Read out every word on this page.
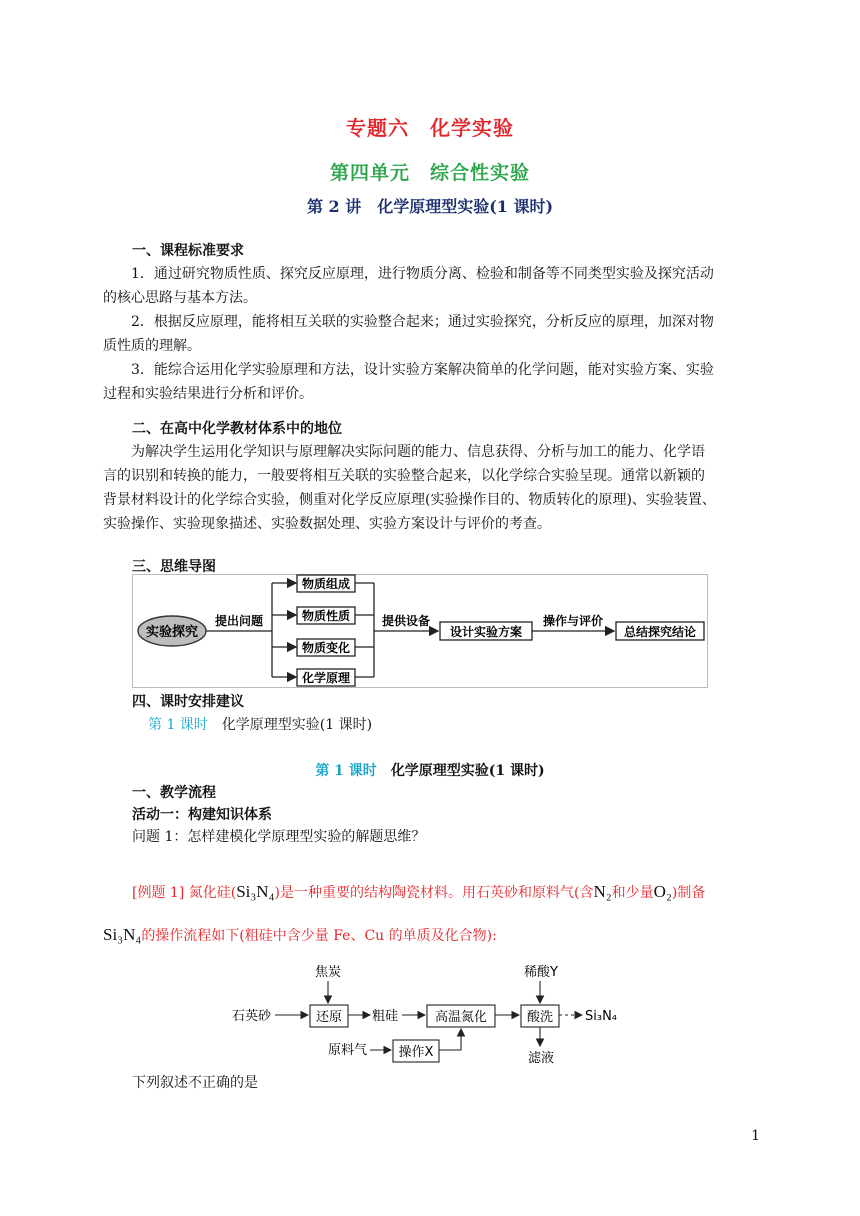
专题六　化学实验
第四单元　综合性实验
第 2 讲　化学原理型实验(1 课时)
一、课程标准要求
1．通过研究物质性质、探究反应原理，进行物质分离、检验和制备等不同类型实验及探究活动
的核心思路与基本方法。
2．根据反应原理，能将相互关联的实验整合起来；通过实验探究，分析反应的原理，加深对物
质性质的理解。
3．能综合运用化学实验原理和方法，设计实验方案解决简单的化学问题，能对实验方案、实验
过程和实验结果进行分析和评价。
二、在高中化学教材体系中的地位
为解决学生运用化学知识与原理解决实际问题的能力、信息获得、分析与加工的能力、化学语
言的识别和转换的能力，一般要将相互关联的实验整合起来，以化学综合实验呈现。通常以新颖的
背景材料设计的化学综合实验，侧重对化学反应原理(实验操作目的、物质转化的原理)、实验装置、
实验操作、实验现象描述、实验数据处理、实验方案设计与评价的考查。
三、思维导图
实验探究
提出问题
物质组成
物质性质
物质变化
化学原理
提供设备
设计实验方案
操作与评价
总结探究结论
四、课时安排建议
第 1 课时　 化学原理型实验(1 课时)
第 1 课时　 化学原理型实验(1 课时)
一、教学流程
活动一：构建知识体系
问题 1：怎样建模化学原理型实验的解题思维？
[例题 1] 氮化硅(Si₃N₄)是一种重要的结构陶瓷材料。用石英砂和原料气(含N₂和少量O₂)制备
Si₃N₄的操作流程如下(粗硅中含少量 Fe、Cu 的单质及化合物):
石英砂
焦炭
还原 粗硅	高温氮化
稀酸Y
酸洗 Si₃N₄
滤液
原料气 操作X
下列叙述不正确的是
1
